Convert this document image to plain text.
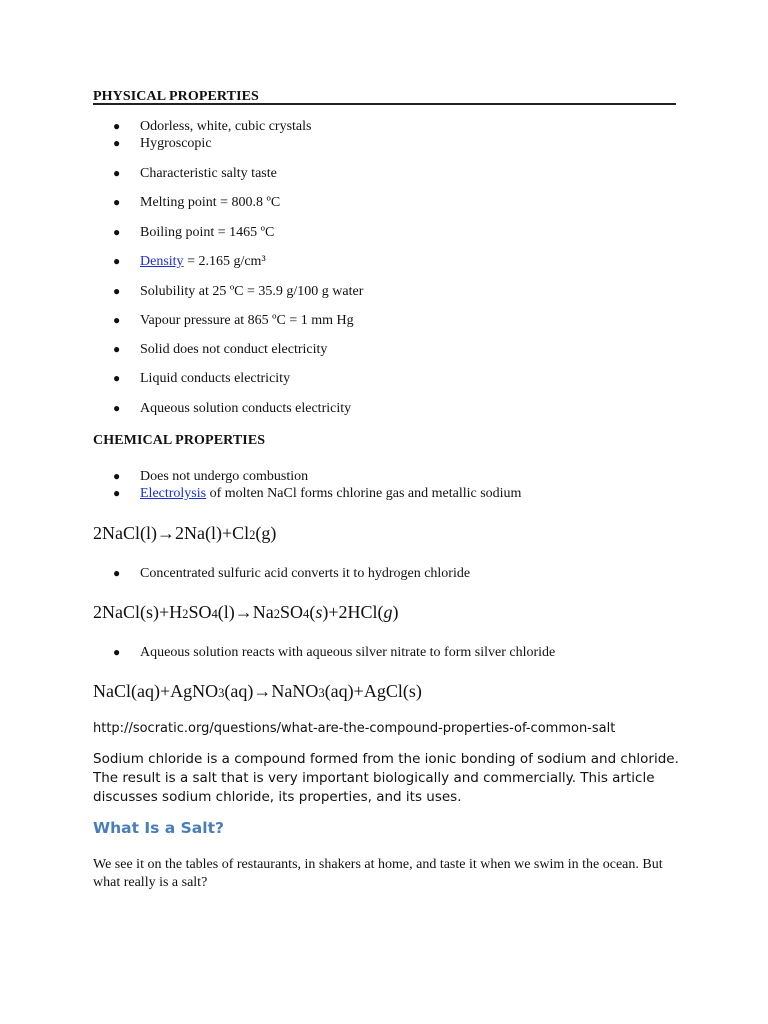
PHYSICAL PROPERTIES
● Odorless, white, cubic crystals
● Hygroscopic
● Characteristic salty taste
● Melting point = 800.8 ºC
● Boiling point = 1465 ºC
● Density = 2.165 g/cm³
● Solubility at 25 ºC = 35.9 g/100 g water
● Vapour pressure at 865 ºC = 1 mm Hg
● Solid does not conduct electricity
● Liquid conducts electricity
● Aqueous solution conducts electricity
CHEMICAL PROPERTIES
● Does not undergo combustion
● Electrolysis of molten NaCl forms chlorine gas and metallic sodium
2NaCl(l)→2Na(l)+Cl2(g)
● Concentrated sulfuric acid converts it to hydrogen chloride
2NaCl(s)+H2SO4(l)→Na2SO4(s)+2HCl(g)
● Aqueous solution reacts with aqueous silver nitrate to form silver chloride
NaCl(aq)+AgNO3(aq)→NaNO3(aq)+AgCl(s)
http://socratic.org/questions/what-are-the-compound-properties-of-common-salt
Sodium chloride is a compound formed from the ionic bonding of sodium and chloride. The result is a salt that is very important biologically and commercially. This article discusses sodium chloride, its properties, and its uses.
What Is a Salt?
We see it on the tables of restaurants, in shakers at home, and taste it when we swim in the ocean. But what really is a salt?
